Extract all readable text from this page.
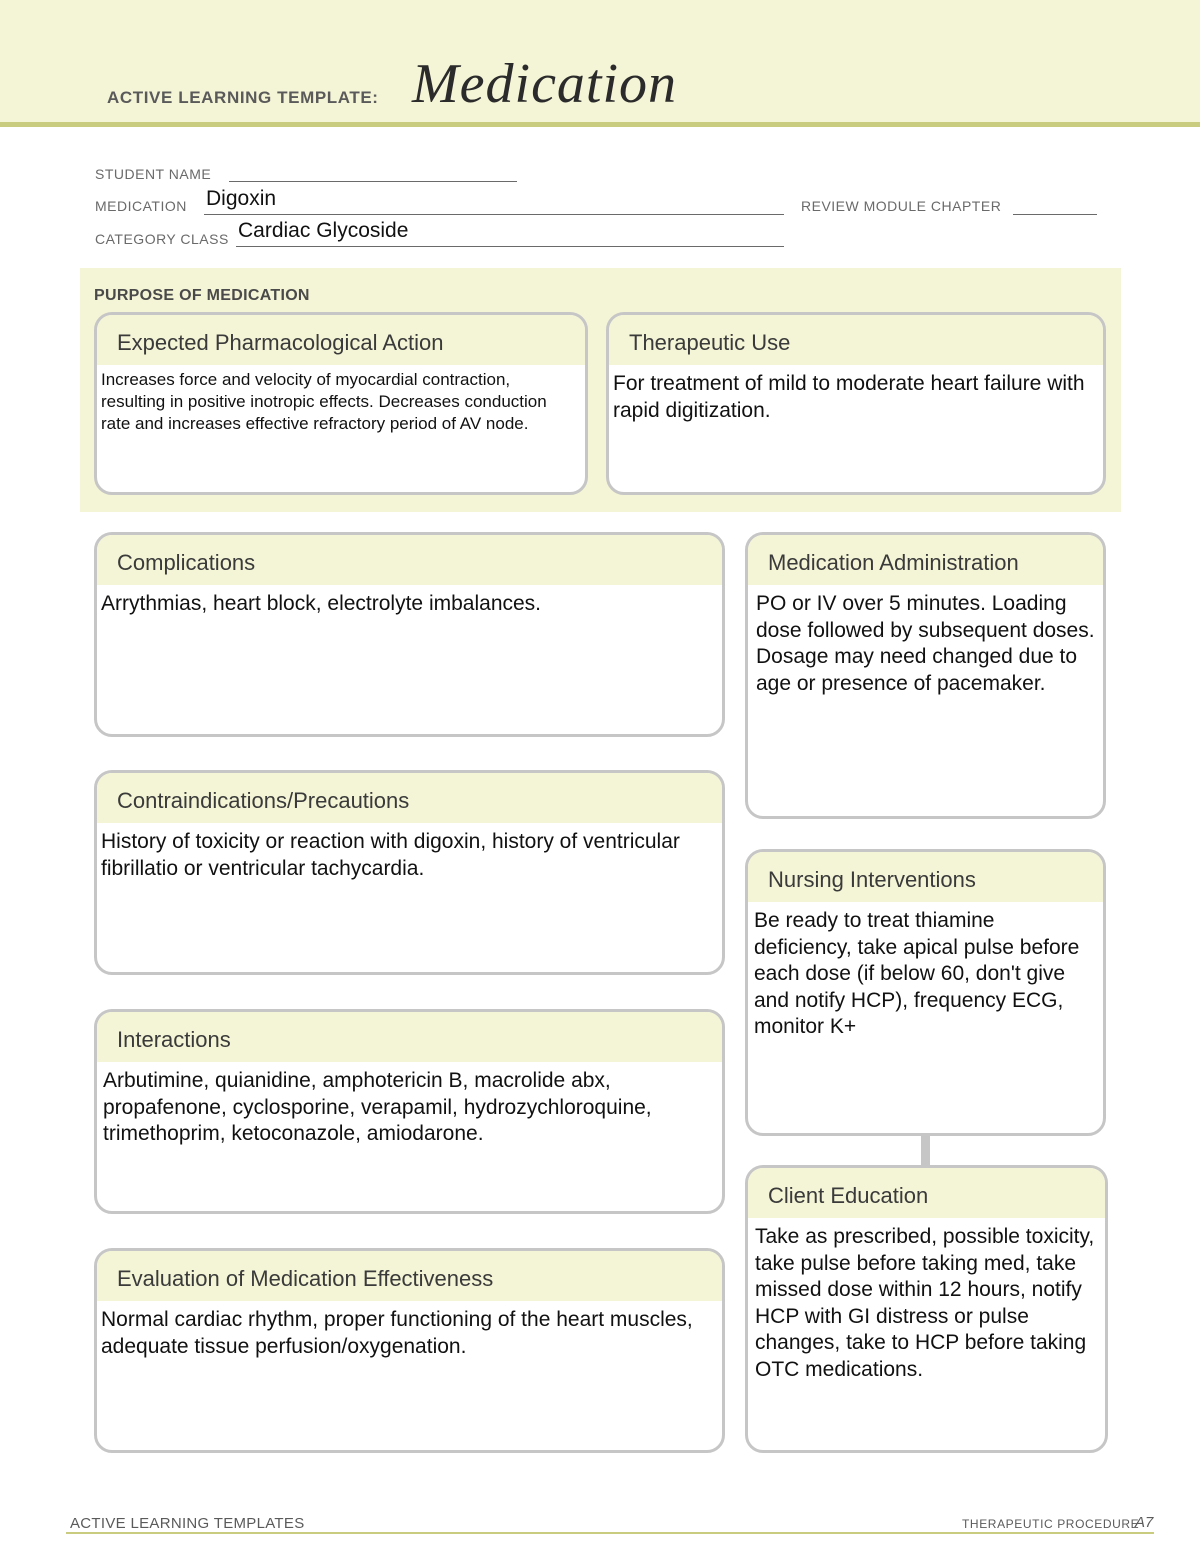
ACTIVE LEARNING TEMPLATE: Medication
STUDENT NAME
MEDICATION Digoxin	REVIEW MODULE CHAPTER
CATEGORY CLASS Cardiac Glycoside
PURPOSE OF MEDICATION
Expected Pharmacological Action
Increases force and velocity of myocardial contraction, resulting in positive inotropic effects. Decreases conduction rate and increases effective refractory period of AV node.
Therapeutic Use
For treatment of mild to moderate heart failure with rapid digitization.
Complications
Arrythmias, heart block, electrolyte imbalances.
Contraindications/Precautions
History of toxicity or reaction with digoxin, history of ventricular fibrillatio or ventricular tachycardia.
Interactions
Arbutimine, quianidine, amphotericin B, macrolide abx, propafenone, cyclosporine, verapamil, hydrozychloroquine, trimethoprim, ketoconazole, amiodarone.
Evaluation of Medication Effectiveness
Normal cardiac rhythm, proper functioning of the heart muscles, adequate tissue perfusion/oxygenation.
Medication Administration
PO or IV over 5 minutes. Loading dose followed by subsequent doses. Dosage may need changed due to age or presence of pacemaker.
Nursing Interventions
Be ready to treat thiamine deficiency, take apical pulse before each dose (if below 60, don't give and notify HCP), frequency ECG, monitor K+
Client Education
Take as prescribed, possible toxicity, take pulse before taking med, take missed dose within 12 hours, notify HCP with GI distress or pulse changes, take to HCP before taking OTC medications.
ACTIVE LEARNING TEMPLATES	THERAPEUTIC PROCEDURE
A7
